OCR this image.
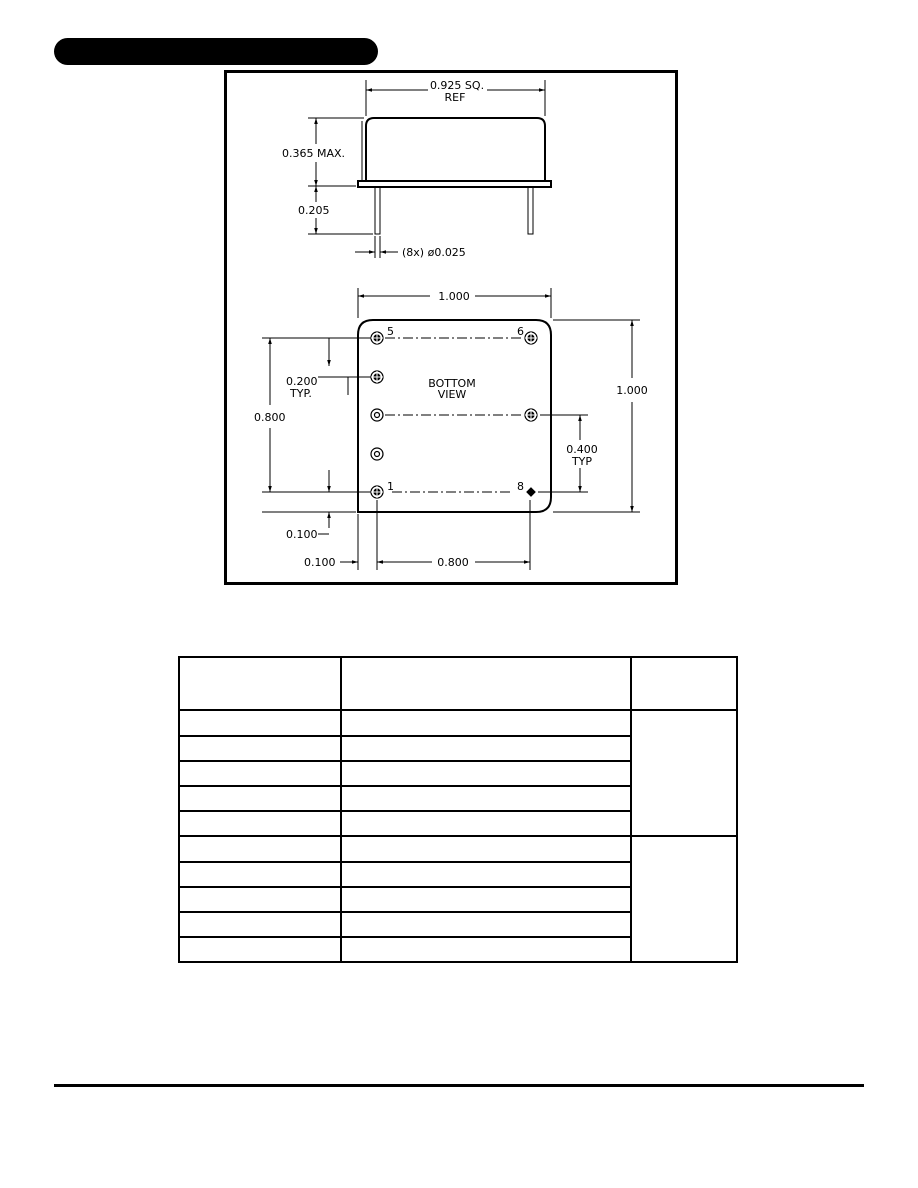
0.925 SQ.
REF
0.365 MAX.
0.205
(8x) ø0.025
1.000
1.000
BOTTOM
VIEW
0.800
0.200
TYP.
0.100
0.100	0.800
0.400
TYP
5	6
1	8
